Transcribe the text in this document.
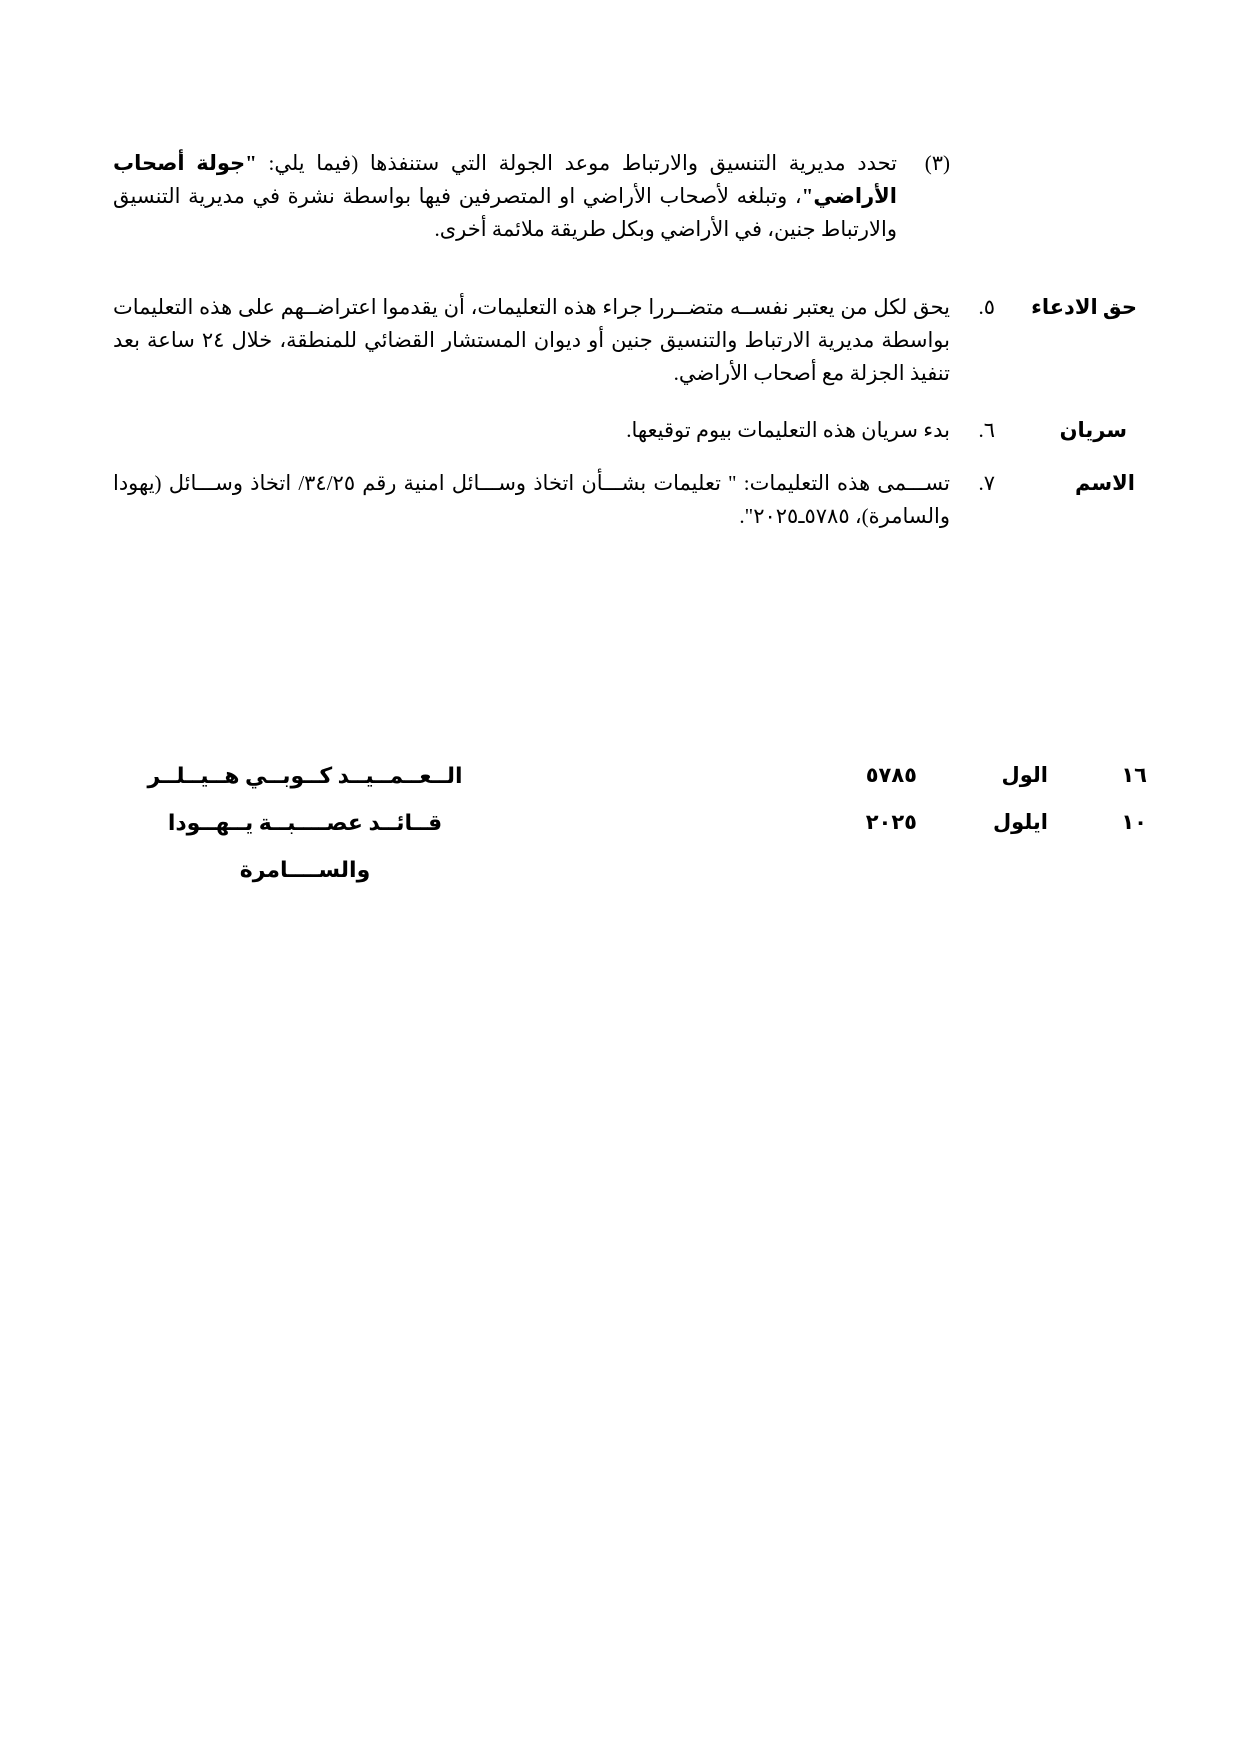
(٣)
تحدد مديرية التنسيق والارتباط موعد الجولة التي ستنفذها (فيما يلي: "جولة أصحاب الأراضي"، وتبلغه لأصحاب الأراضي او المتصرفين فيها بواسطة نشرة في مديرية التنسيق والارتباط جنين، في الأراضي وبكل طريقة ملائمة أخرى.
حق الادعاء
٥.
يحق لكل من يعتبر نفســه متضــررا جراء هذه التعليمات، أن يقدموا اعتراضــهم على هذه التعليمات بواسطة مديرية الارتباط والتنسيق جنين أو ديوان المستشار القضائي للمنطقة، خلال ٢٤ ساعة بعد تنفيذ الجزلة مع أصحاب الأراضي.
سريان
٦.
بدء سريان هذه التعليمات بيوم توقيعها.
الاسم
٧.
تســـمى هذه التعليمات: " تعليمات بشـــأن اتخاذ وســـائل امنية رقم ٣٤/٢٥/ اتخاذ وســـائل (يهودا والسامرة)، ٥٧٨٥ـ٢٠٢٥".
١٦
١٠
الول
ايلول
٥٧٨٥
٢٠٢٥
الــعــمــيــد كــوبــي هــيــلــر
قــائــد عصــــبــة يــهــودا والســــامرة
